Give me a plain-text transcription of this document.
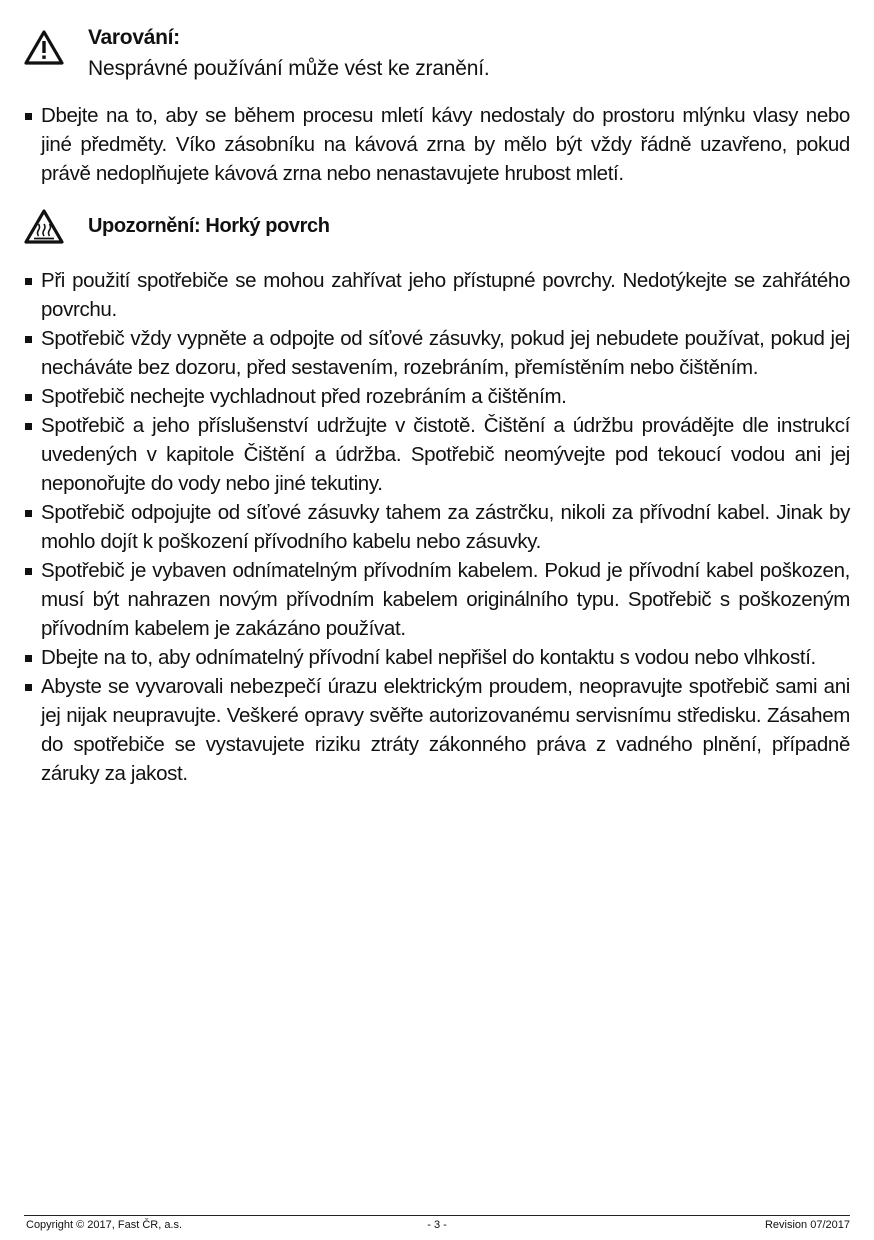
Varování:
Nesprávné používání může vést ke zranění.
Dbejte na to, aby se během procesu mletí kávy nedostaly do prostoru mlýnku vlasy nebo jiné předměty. Víko zásobníku na kávová zrna by mělo být vždy řádně uzavřeno, pokud právě nedoplňujete kávová zrna nebo nenastavujete hrubost mletí.
Upozornění: Horký povrch
Při použití spotřebiče se mohou zahřívat jeho přístupné povrchy. Nedotýkejte se zahřátého povrchu.
Spotřebič vždy vypněte a odpojte od síťové zásuvky, pokud jej nebudete používat, pokud jej necháváte bez dozoru, před sestavením, rozebráním, přemístěním nebo čištěním.
Spotřebič nechejte vychladnout před rozebráním a čištěním.
Spotřebič a jeho příslušenství udržujte v čistotě. Čištění a údržbu provádějte dle instrukcí uvedených v kapitole Čištění a údržba. Spotřebič neomývejte pod tekoucí vodou ani jej neponořujte do vody nebo jiné tekutiny.
Spotřebič odpojujte od síťové zásuvky tahem za zástrčku, nikoli za přívodní kabel. Jinak by mohlo dojít k poškození přívodního kabelu nebo zásuvky.
Spotřebič je vybaven odnímatelným přívodním kabelem. Pokud je přívodní kabel poškozen, musí být nahrazen novým přívodním kabelem originálního typu. Spotřebič s poškozeným přívodním kabelem je zakázáno používat.
Dbejte na to, aby odnímatelný přívodní kabel nepřišel do kontaktu s vodou nebo vlhkostí.
Abyste se vyvarovali nebezpečí úrazu elektrickým proudem, neopravujte spotřebič sami ani jej nijak neupravujte. Veškeré opravy svěřte autorizovanému servisnímu středisku. Zásahem do spotřebiče se vystavujete riziku ztráty zákonného práva z vadného plnění, případně záruky za jakost.
Copyright © 2017, Fast ČR, a.s.	- 3 -	Revision 07/2017
